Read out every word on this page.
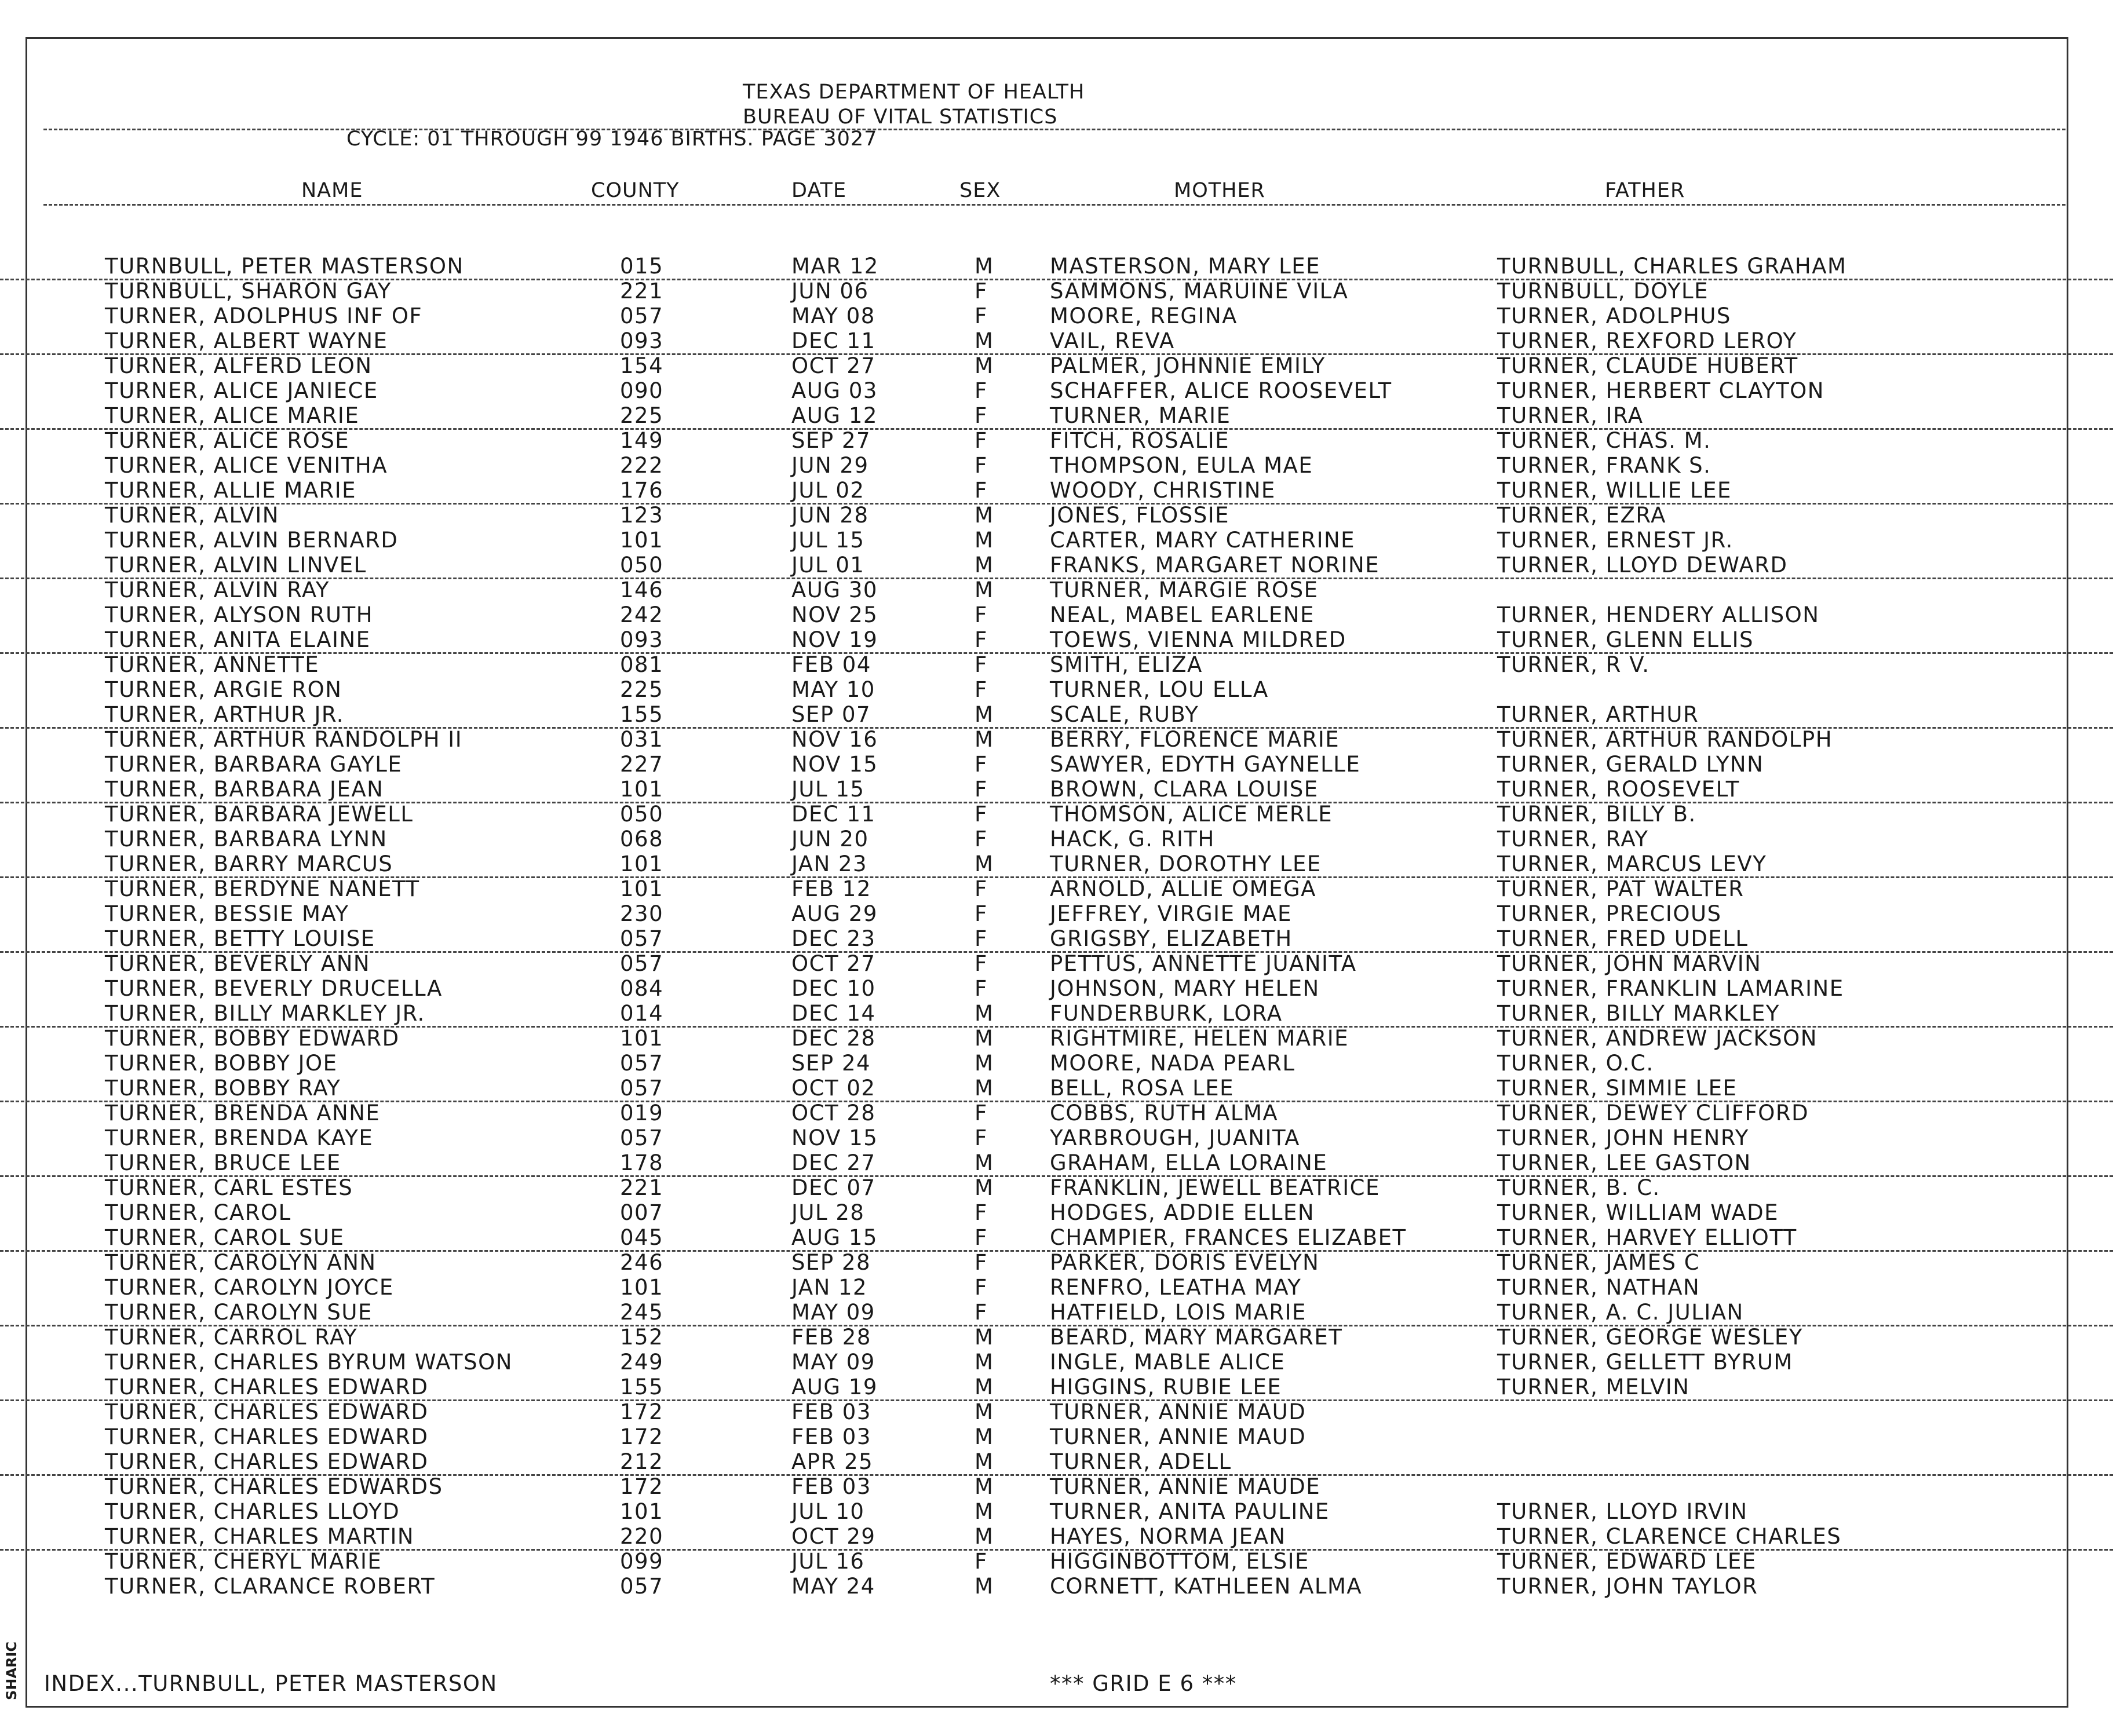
TEXAS DEPARTMENT OF HEALTH
BUREAU OF VITAL STATISTICS
CYCLE: 01 THROUGH 99 1946 BIRTHS. PAGE 3027
NAME	COUNTY	DATE	SEX	MOTHER	FATHER
TURNBULL, PETER MASTERSON	015	MAR 12	M	MASTERSON, MARY LEE	TURNBULL, CHARLES GRAHAM
TURNBULL, SHARON GAY	221	JUN 06	F	SAMMONS, MARUINE VILA	TURNBULL, DOYLE
TURNER, ADOLPHUS INF OF	057	MAY 08	F	MOORE, REGINA	TURNER, ADOLPHUS
TURNER, ALBERT WAYNE	093	DEC 11	M	VAIL, REVA	TURNER, REXFORD LEROY
TURNER, ALFERD LEON	154	OCT 27	M	PALMER, JOHNNIE EMILY	TURNER, CLAUDE HUBERT
TURNER, ALICE JANIECE	090	AUG 03	F	SCHAFFER, ALICE ROOSEVELT	TURNER, HERBERT CLAYTON
TURNER, ALICE MARIE	225	AUG 12	F	TURNER, MARIE	TURNER, IRA
TURNER, ALICE ROSE	149	SEP 27	F	FITCH, ROSALIE	TURNER, CHAS. M.
TURNER, ALICE VENITHA	222	JUN 29	F	THOMPSON, EULA MAE	TURNER, FRANK S.
TURNER, ALLIE MARIE	176	JUL 02	F	WOODY, CHRISTINE	TURNER, WILLIE LEE
TURNER, ALVIN	123	JUN 28	M	JONES, FLOSSIE	TURNER, EZRA
TURNER, ALVIN BERNARD	101	JUL 15	M	CARTER, MARY CATHERINE	TURNER, ERNEST JR.
TURNER, ALVIN LINVEL	050	JUL 01	M	FRANKS, MARGARET NORINE	TURNER, LLOYD DEWARD
TURNER, ALVIN RAY	146	AUG 30	M	TURNER, MARGIE ROSE
TURNER, ALYSON RUTH	242	NOV 25	F	NEAL, MABEL EARLENE	TURNER, HENDERY ALLISON
TURNER, ANITA ELAINE	093	NOV 19	F	TOEWS, VIENNA MILDRED	TURNER, GLENN ELLIS
TURNER, ANNETTE	081	FEB 04	F	SMITH, ELIZA	TURNER, R V.
TURNER, ARGIE RON	225	MAY 10	F	TURNER, LOU ELLA
TURNER, ARTHUR JR.	155	SEP 07	M	SCALE, RUBY	TURNER, ARTHUR
TURNER, ARTHUR RANDOLPH II	031	NOV 16	M	BERRY, FLORENCE MARIE	TURNER, ARTHUR RANDOLPH
TURNER, BARBARA GAYLE	227	NOV 15	F	SAWYER, EDYTH GAYNELLE	TURNER, GERALD LYNN
TURNER, BARBARA JEAN	101	JUL 15	F	BROWN, CLARA LOUISE	TURNER, ROOSEVELT
TURNER, BARBARA JEWELL	050	DEC 11	F	THOMSON, ALICE MERLE	TURNER, BILLY B.
TURNER, BARBARA LYNN	068	JUN 20	F	HACK, G. RITH	TURNER, RAY
TURNER, BARRY MARCUS	101	JAN 23	M	TURNER, DOROTHY LEE	TURNER, MARCUS LEVY
TURNER, BERDYNE NANETT	101	FEB 12	F	ARNOLD, ALLIE OMEGA	TURNER, PAT WALTER
TURNER, BESSIE MAY	230	AUG 29	F	JEFFREY, VIRGIE MAE	TURNER, PRECIOUS
TURNER, BETTY LOUISE	057	DEC 23	F	GRIGSBY, ELIZABETH	TURNER, FRED UDELL
TURNER, BEVERLY ANN	057	OCT 27	F	PETTUS, ANNETTE JUANITA	TURNER, JOHN MARVIN
TURNER, BEVERLY DRUCELLA	084	DEC 10	F	JOHNSON, MARY HELEN	TURNER, FRANKLIN LAMARINE
TURNER, BILLY MARKLEY JR.	014	DEC 14	M	FUNDERBURK, LORA	TURNER, BILLY MARKLEY
TURNER, BOBBY EDWARD	101	DEC 28	M	RIGHTMIRE, HELEN MARIE	TURNER, ANDREW JACKSON
TURNER, BOBBY JOE	057	SEP 24	M	MOORE, NADA PEARL	TURNER, O.C.
TURNER, BOBBY RAY	057	OCT 02	M	BELL, ROSA LEE	TURNER, SIMMIE LEE
TURNER, BRENDA ANNE	019	OCT 28	F	COBBS, RUTH ALMA	TURNER, DEWEY CLIFFORD
TURNER, BRENDA KAYE	057	NOV 15	F	YARBROUGH, JUANITA	TURNER, JOHN HENRY
TURNER, BRUCE LEE	178	DEC 27	M	GRAHAM, ELLA LORAINE	TURNER, LEE GASTON
TURNER, CARL ESTES	221	DEC 07	M	FRANKLIN, JEWELL BEATRICE	TURNER, B. C.
TURNER, CAROL	007	JUL 28	F	HODGES, ADDIE ELLEN	TURNER, WILLIAM WADE
TURNER, CAROL SUE	045	AUG 15	F	CHAMPIER, FRANCES ELIZABET	TURNER, HARVEY ELLIOTT
TURNER, CAROLYN ANN	246	SEP 28	F	PARKER, DORIS EVELYN	TURNER, JAMES C
TURNER, CAROLYN JOYCE	101	JAN 12	F	RENFRO, LEATHA MAY	TURNER, NATHAN
TURNER, CAROLYN SUE	245	MAY 09	F	HATFIELD, LOIS MARIE	TURNER, A. C. JULIAN
TURNER, CARROL RAY	152	FEB 28	M	BEARD, MARY MARGARET	TURNER, GEORGE WESLEY
TURNER, CHARLES BYRUM WATSON	249	MAY 09	M	INGLE, MABLE ALICE	TURNER, GELLETT BYRUM
TURNER, CHARLES EDWARD	155	AUG 19	M	HIGGINS, RUBIE LEE	TURNER, MELVIN
TURNER, CHARLES EDWARD	172	FEB 03	M	TURNER, ANNIE MAUD
TURNER, CHARLES EDWARD	172	FEB 03	M	TURNER, ANNIE MAUD
TURNER, CHARLES EDWARD	212	APR 25	M	TURNER, ADELL
TURNER, CHARLES EDWARDS	172	FEB 03	M	TURNER, ANNIE MAUDE
TURNER, CHARLES LLOYD	101	JUL 10	M	TURNER, ANITA PAULINE	TURNER, LLOYD IRVIN
TURNER, CHARLES MARTIN	220	OCT 29	M	HAYES, NORMA JEAN	TURNER, CLARENCE CHARLES
TURNER, CHERYL MARIE	099	JUL 16	F	HIGGINBOTTOM, ELSIE	TURNER, EDWARD LEE
TURNER, CLARANCE ROBERT	057	MAY 24	M	CORNETT, KATHLEEN ALMA	TURNER, JOHN TAYLOR
INDEX...TURNBULL, PETER MASTERSON	*** GRID E 6 ***
SHARIC
